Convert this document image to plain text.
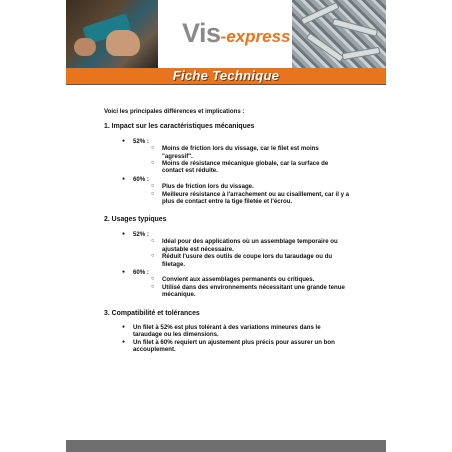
Vis-express
Fiche Technique
Voici les principales différences et implications :
1. Impact sur les caractéristiques mécaniques
● 52% :
○ Moins de friction lors du vissage, car le filet est moins "agressif".
○ Moins de résistance mécanique globale, car la surface de contact est réduite.
● 60% :
○ Plus de friction lors du vissage.
○ Meilleure résistance à l'arrachement ou au cisaillement, car il y a plus de contact entre la tige filetée et l'écrou.
2. Usages typiques
● 52% :
○ Idéal pour des applications où un assemblage temporaire ou ajustable est nécessaire.
○ Réduit l'usure des outils de coupe lors du taraudage ou du filetage.
● 60% :
○ Convient aux assemblages permanents ou critiques.
○ Utilisé dans des environnements nécessitant une grande tenue mécanique.
3. Compatibilité et tolérances
● Un filet à 52% est plus tolérant à des variations mineures dans le taraudage ou les dimensions.
● Un filet à 60% requiert un ajustement plus précis pour assurer un bon accouplement.
